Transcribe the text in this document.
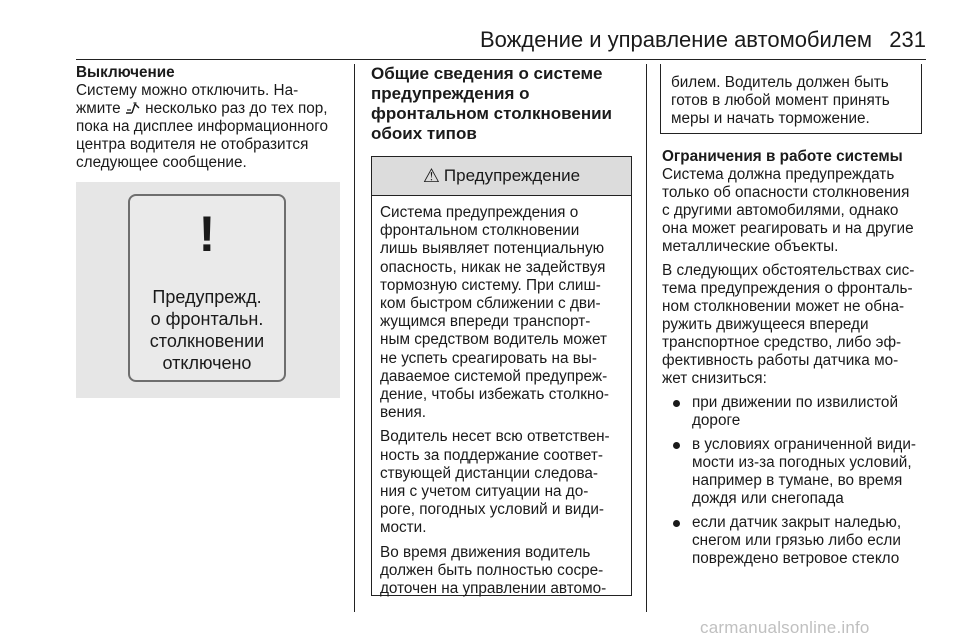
Вождение и управление автомобилем 231

Выключение

Систему можно отключить. На-
жмите  несколько раз до тех пор,
пока на дисплее информационного
центра водителя не отобразится
следующее сообщение.

!
Предупрежд.
о фронтальн.
столкновении
отключено

Общие сведения о системе
предупреждения о
фронтальном столкновении
обоих типов

⚠ Предупреждение

Система предупреждения о
фронтальном столкновении
лишь выявляет потенциальную
опасность, никак не задействуя
тормозную систему. При слиш-
ком быстром сближении с дви-
жущимся впереди транспорт-
ным средством водитель может
не успеть среагировать на вы-
даваемое системой предупреж-
дение, чтобы избежать столкно-
вения.

Водитель несет всю ответствен-
ность за поддержание соответ-
ствующей дистанции следова-
ния с учетом ситуации на до-
роге, погодных условий и види-
мости.

Во время движения водитель
должен быть полностью сосре-
доточен на управлении автомо-

билем. Водитель должен быть
готов в любой момент принять
меры и начать торможение.

Ограничения в работе системы

Система должна предупреждать
только об опасности столкновения
с другими автомобилями, однако
она может реагировать и на другие
металлические объекты.

В следующих обстоятельствах сис-
тема предупреждения о фронталь-
ном столкновении может не обна-
ружить движущееся впереди
транспортное средство, либо эф-
фективность работы датчика мо-
жет снизиться:

при движении по извилистой
дороге
в условиях ограниченной види-
мости из-за погодных условий,
например в тумане, во время
дождя или снегопада
если датчик закрыт наледью,
снегом или грязью либо если
повреждено ветровое стекло
carmanualsonline.info
